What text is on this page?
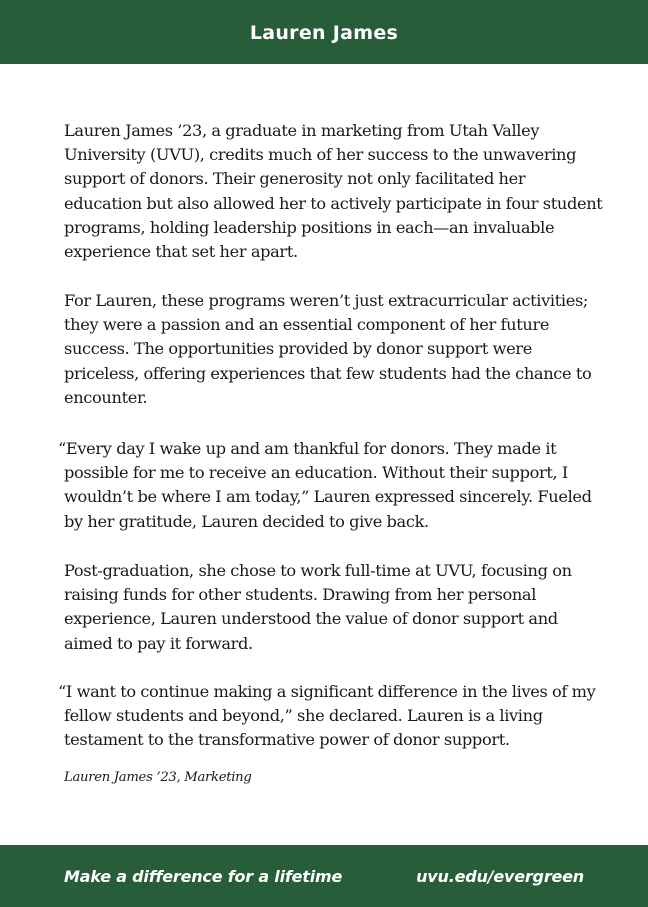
Lauren James

Lauren James ’23, a graduate in marketing from Utah Valley University (UVU), credits much of her success to the unwavering support of donors. Their generosity not only facilitated her education but also allowed her to actively participate in four student programs, holding leadership positions in each—an invaluable experience that set her apart.

For Lauren, these programs weren’t just extracurricular activities; they were a passion and an essential component of her future success. The opportunities provided by donor support were priceless, offering experiences that few students had the chance to encounter.

“Every day I wake up and am thankful for donors. They made it possible for me to receive an education. Without their support, I wouldn’t be where I am today,” Lauren expressed sincerely. Fueled by her gratitude, Lauren decided to give back.

Post-graduation, she chose to work full-time at UVU, focusing on raising funds for other students. Drawing from her personal experience, Lauren understood the value of donor support and aimed to pay it forward.

“I want to continue making a significant difference in the lives of my fellow students and beyond,” she declared. Lauren is a living testament to the transformative power of donor support.

Lauren James ’23, Marketing

Make a difference for a lifetime	uvu.edu/evergreen
